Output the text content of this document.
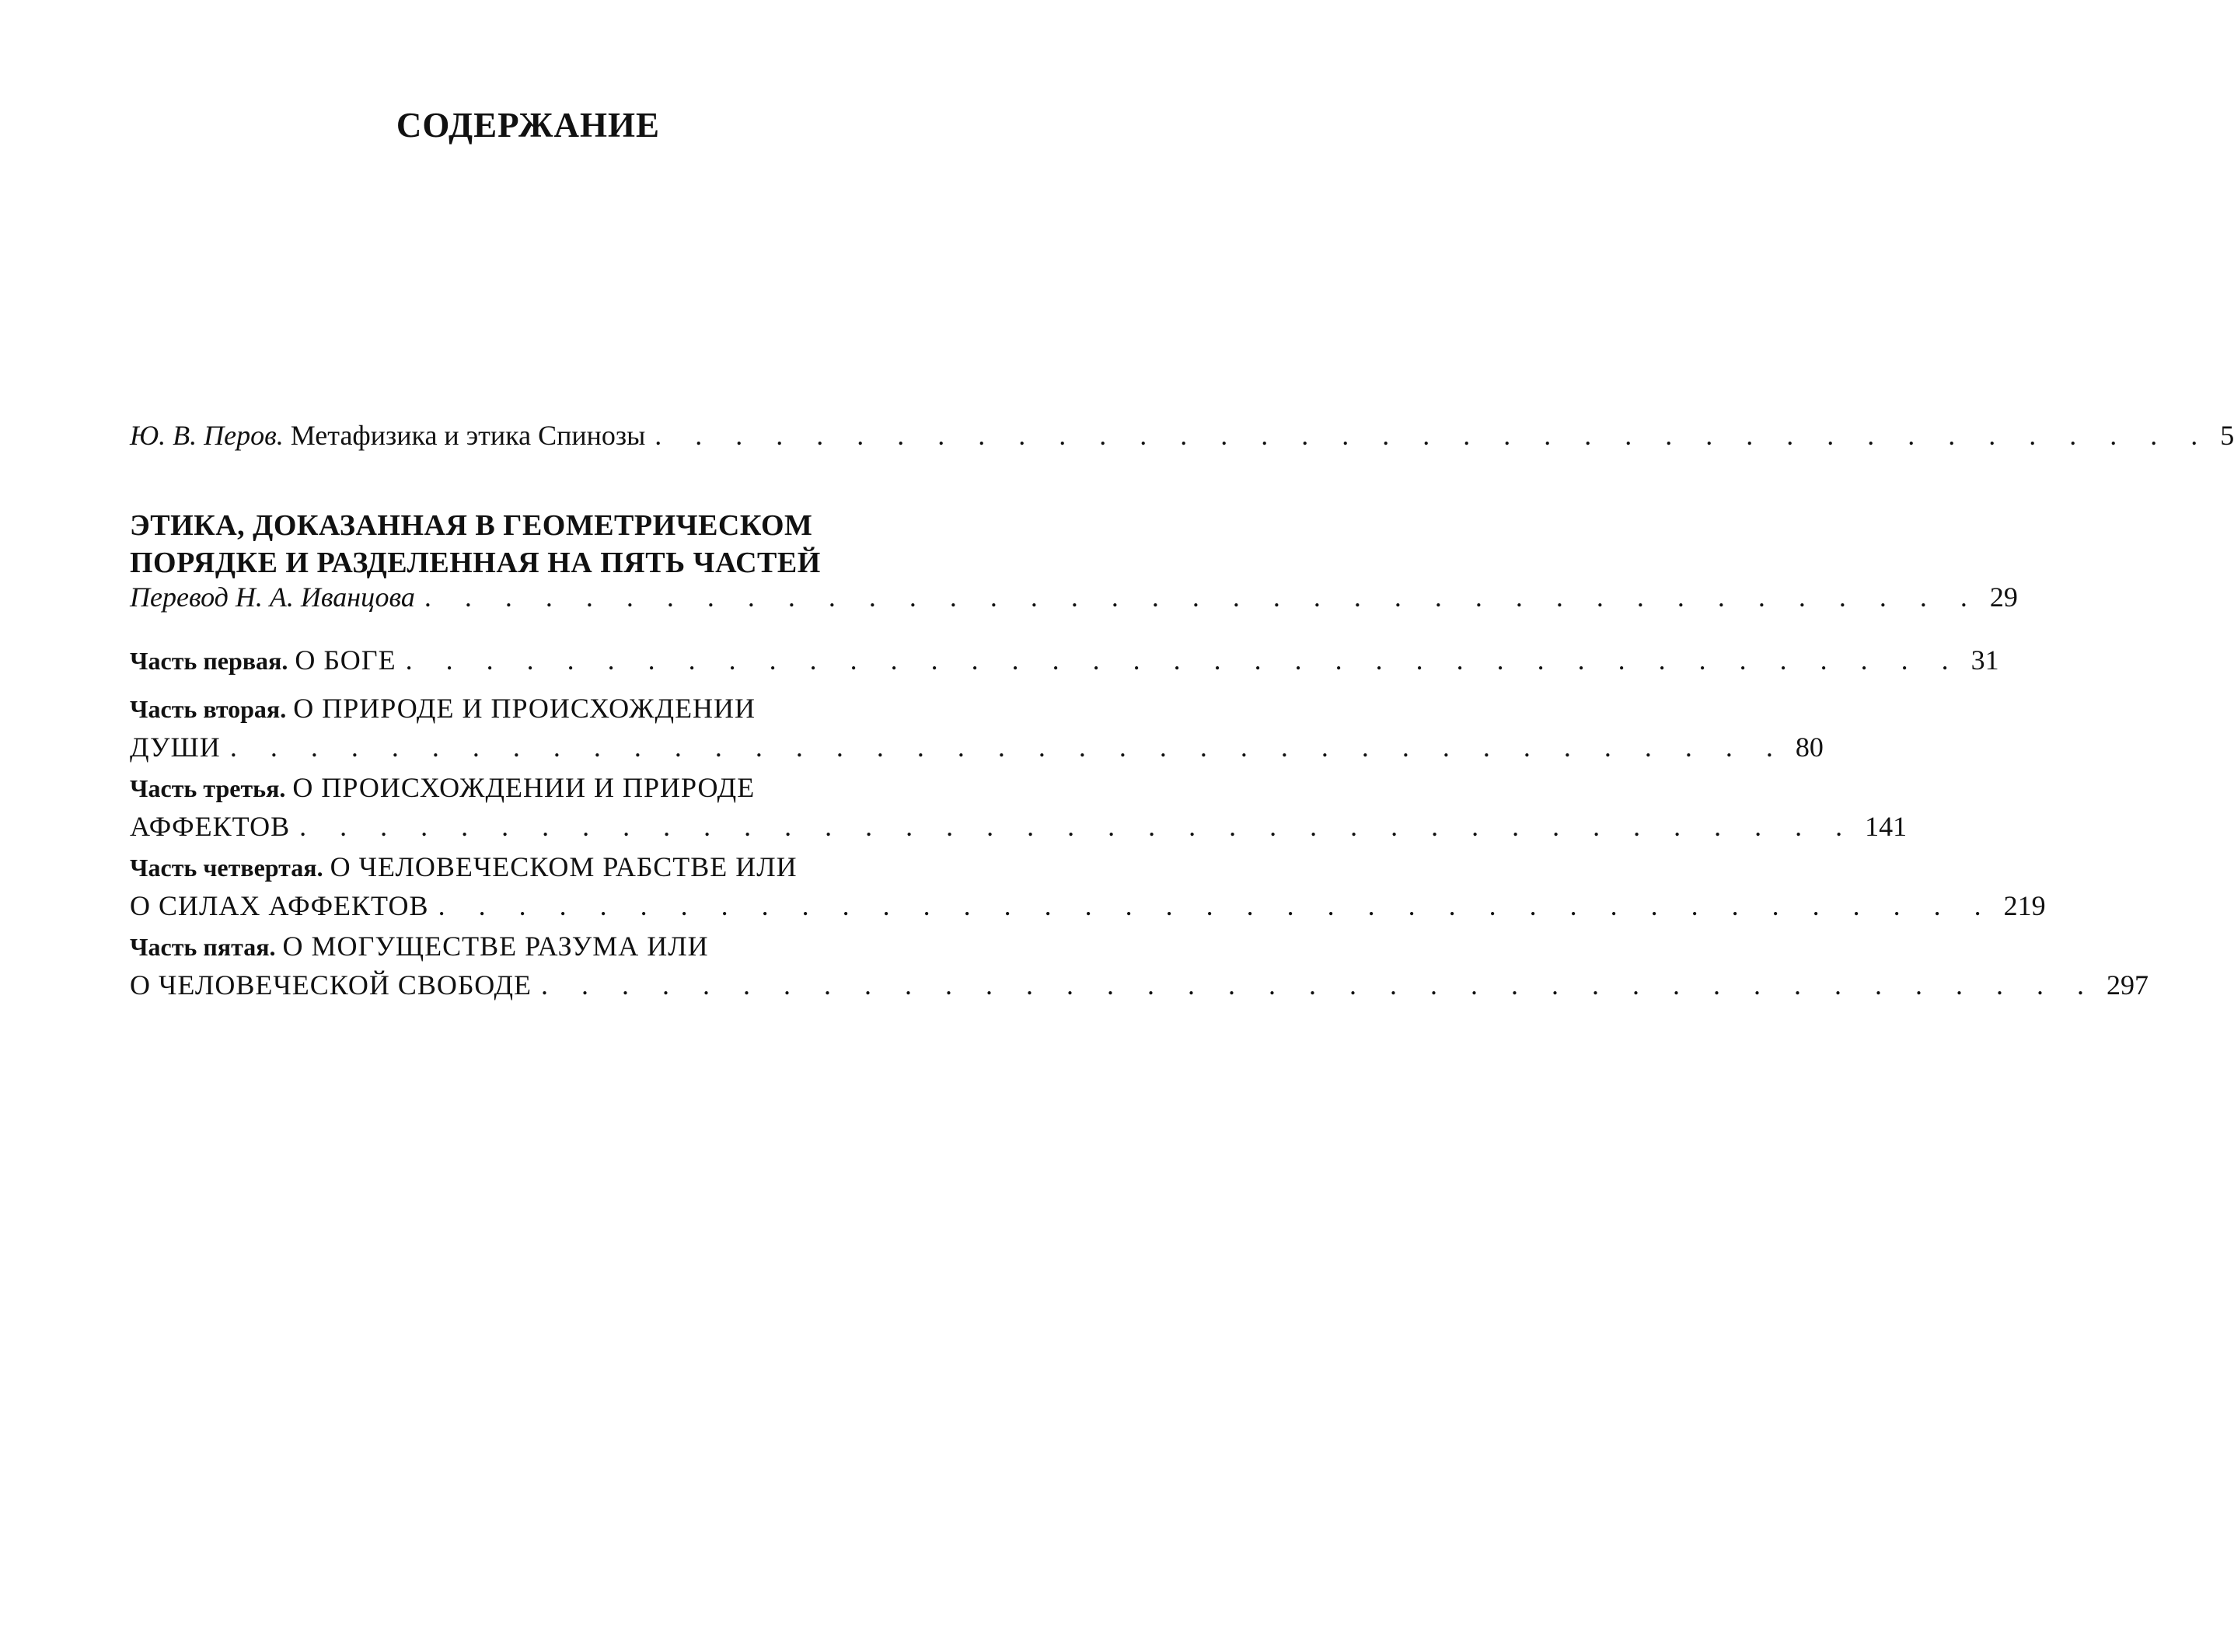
СОДЕРЖАНИЕ
Ю. В. Перов.
Метафизика и этика Спинозы . . . . . . . . . . . . . . . . . . . . . . . . . . . . . . . . . . . . . . . 5
ЭТИКА, ДОКАЗАННАЯ В ГЕОМЕТРИЧЕСКОМ
ПОРЯДКЕ И РАЗДЕЛЕННАЯ НА ПЯТЬ ЧАСТЕЙ
Перевод Н. А. Иванцова . . . . . . . . . . . . . . . . . . . . . . . . . . . . . . . . . . . . . . . 29
Часть первая.
О БОГЕ . . . . . . . . . . . . . . . . . . . . . . . . . . . . . . . . . . . . . . . 31
Часть вторая.
О ПРИРОДЕ И ПРОИСХОЖДЕНИИ
ДУШИ . . . . . . . . . . . . . . . . . . . . . . . . . . . . . . . . . . . . . . . 80
Часть третья.
О ПРОИСХОЖДЕНИИ И ПРИРОДЕ
АФФЕКТОВ . . . . . . . . . . . . . . . . . . . . . . . . . . . . . . . . . . . . . . . 141
Часть четвертая.
О ЧЕЛОВЕЧЕСКОМ РАБСТВЕ ИЛИ
О СИЛАХ АФФЕКТОВ . . . . . . . . . . . . . . . . . . . . . . . . . . . . . . . . . . . . . . . 219
Часть пятая.
О МОГУЩЕСТВЕ РАЗУМА ИЛИ
О ЧЕЛОВЕЧЕСКОЙ СВОБОДЕ . . . . . . . . . . . . . . . . . . . . . . . . . . . . . . . . . . . . . . . 297
